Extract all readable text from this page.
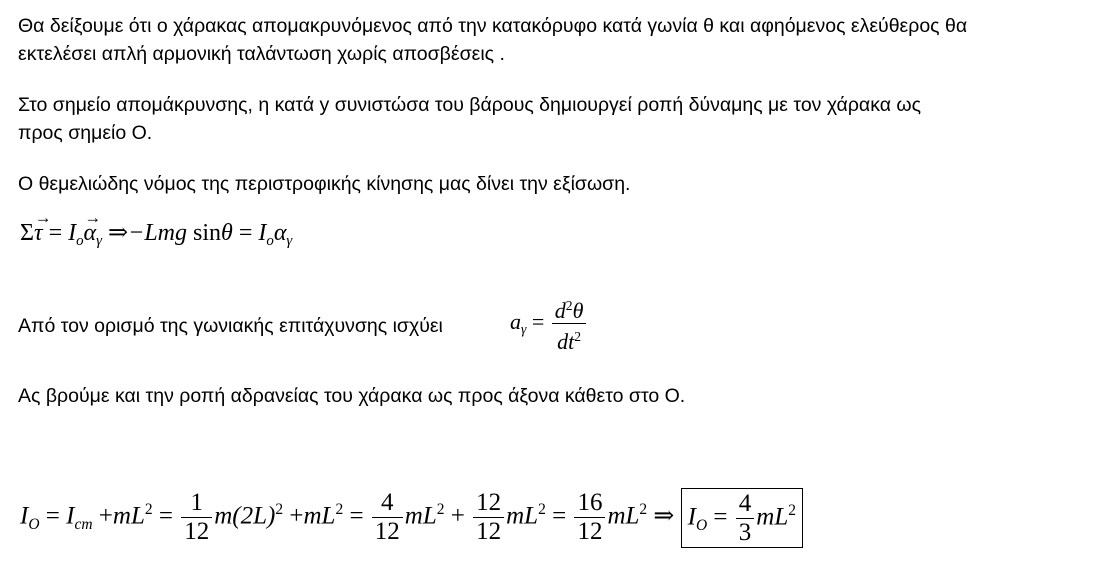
Θα δείξουμε ότι ο χάρακας απομακρυνόμενος από την κατακόρυφο κατά γωνία θ και αφηόμενος ελεύθερος θα
εκτελέσει απλή αρμονική ταλάντωση χωρίς αποσβέσεις .
Στο σημείο απομάκρυνσης, η κατά y συνιστώσα του βάρους δημιουργεί ροπή δύναμης με τον χάρακα ως
προς σημείο Ο.
Ο θεμελιώδης νόμος της περιστροφικής κίνησης μας δίνει την εξίσωση.
$\Sigma\to \tau = I_o\to \alpha_\gamma$ ⇒−Lmg $\sin\theta = I_o\alpha_\gamma$
Από τον ορισμό της γωνιακής επιτάχυνσης ισχύει	$a_\gamma = \frac{d^2\theta}{dt^2}$
Ας βρούμε και την ροπή αδρανείας του χάρακα ως προς άξονα κάθετο στο Ο.
$I_O = I_{cm} +mL^2 = \frac{1}{12} m(2L)^2 +mL^2 = \frac{4}{12} mL^2 + \frac{12}{12} mL^2 = \frac{16}{12} mL^2$ ⇒ $I_O = \frac{4}{3} mL^2$
